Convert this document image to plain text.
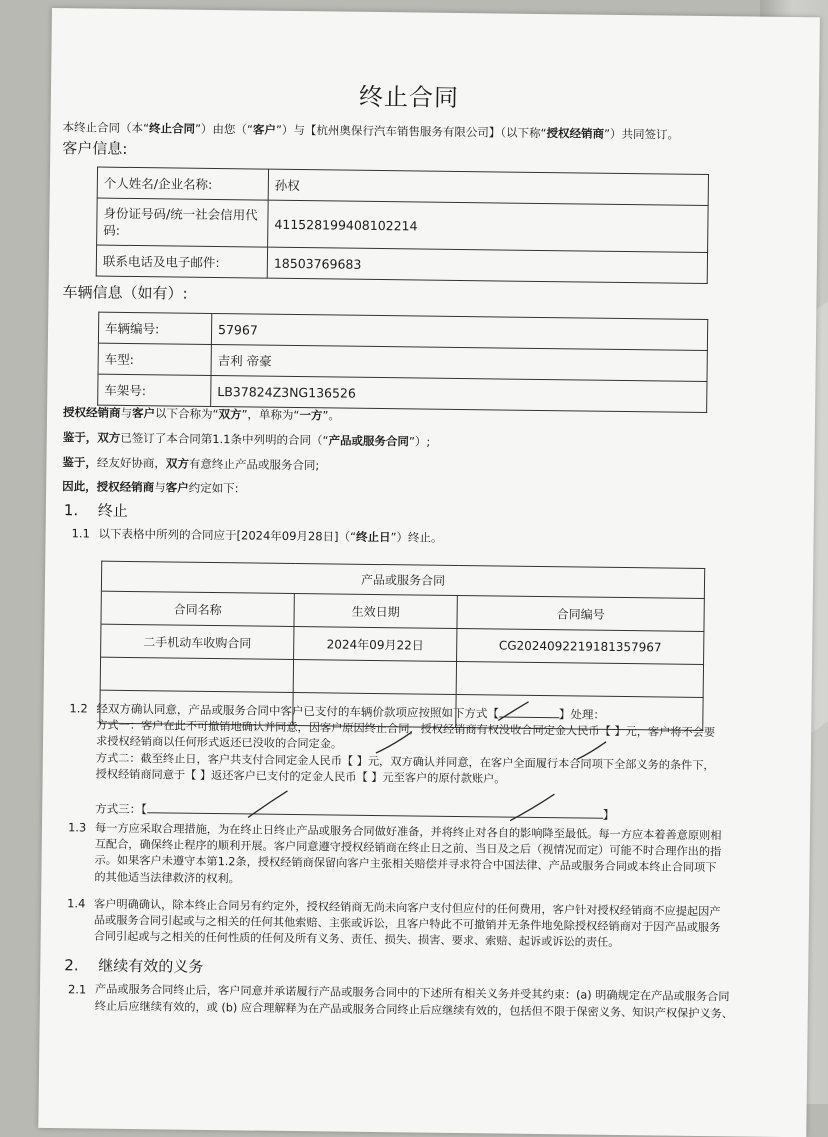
终止合同
本终止合同（本“终止合同”）由您（“客户”）与【杭州奥保行汽车销售服务有限公司】（以下称“授权经销商”）共同签订。
客户信息:
个人姓名/企业名称:	孙权
身份证号码/统一社会信用代码:	411528199408102214
联系电话及电子邮件:	18503769683
车辆信息（如有）:
车辆编号:	57967
车型:	吉利 帝豪
车架号:	LB37824Z3NG136526
授权经销商与客户以下合称为“双方”，单称为“一方”。
鉴于，双方已签订了本合同第1.1条中列明的合同（“产品或服务合同”）;
鉴于，经友好协商，双方有意终止产品或服务合同;
因此，授权经销商与客户约定如下:
1. 终止
1.1 以下表格中所列的合同应于[2024年09月28日]（“终止日”）终止。
产品或服务合同		
合同名称	生效日期	合同编号
二手机动车收购合同	2024年09月22日	CG2024092219181357967

1.2 经双方确认同意，产品或服务合同中客户已支付的车辆价款项应按照如下方式【	】处理：
方式一：客户在此不可撤销地确认并同意，因客户原因终止合同，授权经销商有权没收合同定金人民币【 】元，客户将不会要求授权经销商以任何形式返还已没收的合同定金。
方式二：截至终止日，客户共支付合同定金人民币【 】元，双方确认并同意，在客户全面履行本合同项下全部义务的条件下，授权经销商同意于【 】返还客户已支付的定金人民币【 】元至客户的原付款账户。
方式三：【	】
1.3 每一方应采取合理措施，为在终止日终止产品或服务合同做好准备，并将终止对各自的影响降至最低。每一方应本着善意原则相互配合，确保终止程序的顺利开展。客户同意遵守授权经销商在终止日之前、当日及之后（视情况而定）可能不时合理作出的指示。如果客户未遵守本第1.2条，授权经销商保留向客户主张相关赔偿并寻求符合中国法律、产品或服务合同或本终止合同项下的其他适当法律救济的权利。
1.4 客户明确确认，除本终止合同另有约定外，授权经销商无尚未向客户支付但应付的任何费用，客户针对授权经销商不应提起因产品或服务合同引起或与之相关的任何其他索赔、主张或诉讼，且客户特此不可撤销并无条件地免除授权经销商对于因产品或服务合同引起或与之相关的任何性质的任何及所有义务、责任、损失、损害、要求、索赔、起诉或诉讼的责任。
2. 继续有效的义务
2.1 产品或服务合同终止后，客户同意并承诺履行产品或服务合同中的下述所有相关义务并受其约束：(a) 明确规定在产品或服务合同
终止后应继续有效的，或 (b) 应合理解释为在产品或服务合同终止后应继续有效的，包括但不限于保密义务、知识产权保护义务、
